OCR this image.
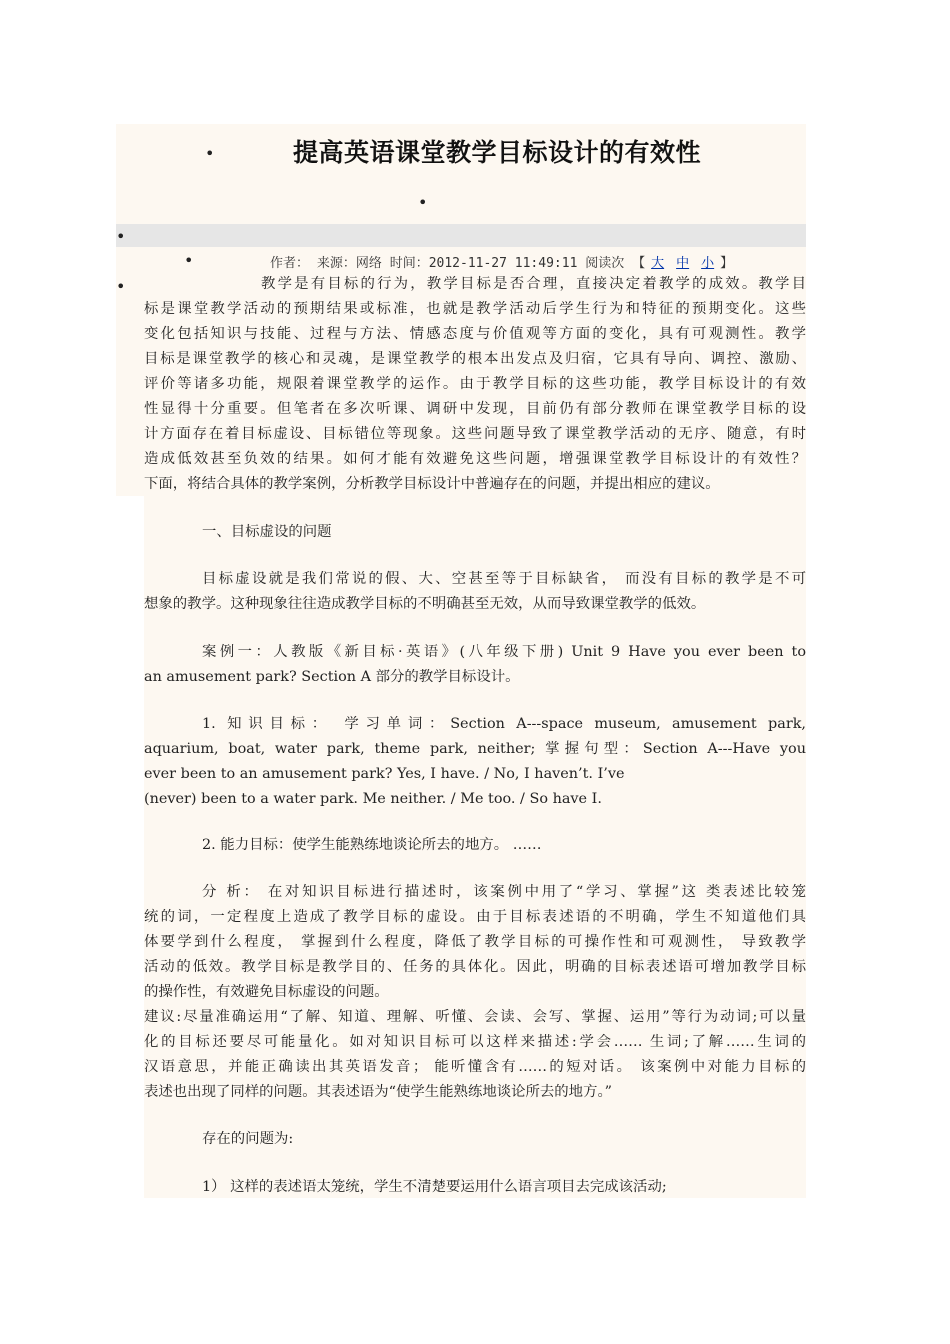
•
•
•
•
•
提高英语课堂教学目标设计的有效性
作者： 来源：网络 时间：2012-11-27 11:49:11 阅读次 【 大 中 小 】
教学是有目标的行为，教学目标是否合理，直接决定着教学的成效。教学目
标是课堂教学活动的预期结果或标准，也就是教学活动后学生行为和特征的预期变化。这些
变化包括知识与技能、过程与方法、情感态度与价值观等方面的变化，具有可观测性。教学
目标是课堂教学的核心和灵魂，是课堂教学的根本出发点及归宿，它具有导向、调控、激励、
评价等诸多功能，规限着课堂教学的运作。由于教学目标的这些功能，教学目标设计的有效
性显得十分重要。但笔者在多次听课、调研中发现，目前仍有部分教师在课堂教学目标的设
计方面存在着目标虚设、目标错位等现象。这些问题导致了课堂教学活动的无序、随意，有时
造成低效甚至负效的结果。如何才能有效避免这些问题，增强课堂教学目标设计的有效性？
下面，将结合具体的教学案例，分析教学目标设计中普遍存在的问题，并提出相应的建议。
一、目标虚设的问题
目标虚设就是我们常说的假、大、空甚至等于目标缺省， 而没有目标的教学是不可
想象的教学。这种现象往往造成教学目标的不明确甚至无效，从而导致课堂教学的低效。
案例一：人教版《新目标·英语》(八年级下册) Unit 9 Have you ever been to
an amusement park? Section A 部分的教学目标设计。
1. 知识目标： 学习单词：Section A---space museum, amusement park,
aquarium, boat, water park, theme park, neither; 掌握句型：Section A---Have you
ever been to an amusement park? Yes, I have. / No, I haven’t. I’ve
(never) been to a water park. Me neither. / Me too. / So have I.
2. 能力目标：使学生能熟练地谈论所去的地方。 ……
分 析： 在对知识目标进行描述时，该案例中用了“学习、掌握”这 类表述比较笼
统的词，一定程度上造成了教学目标的虚设。由于目标表述语的不明确，学生不知道他们具
体要学到什么程度， 掌握到什么程度，降低了教学目标的可操作性和可观测性， 导致教学
活动的低效。教学目标是教学目的、任务的具体化。因此，明确的目标表述语可增加教学目标
的操作性，有效避免目标虚设的问题。
建议:尽量准确运用“了解、知道、理解、听懂、会读、会写、掌握、运用”等行为动词;可以量
化的目标还要尽可能量化。如对知识目标可以这样来描述:学会…… 生词;了解……生词的
汉语意思，并能正确读出其英语发音； 能听懂含有……的短对话。 该案例中对能力目标的
表述也出现了同样的问题。其表述语为“使学生能熟练地谈论所去的地方。”
存在的问题为:
1） 这样的表述语太笼统，学生不清楚要运用什么语言项目去完成该活动;
